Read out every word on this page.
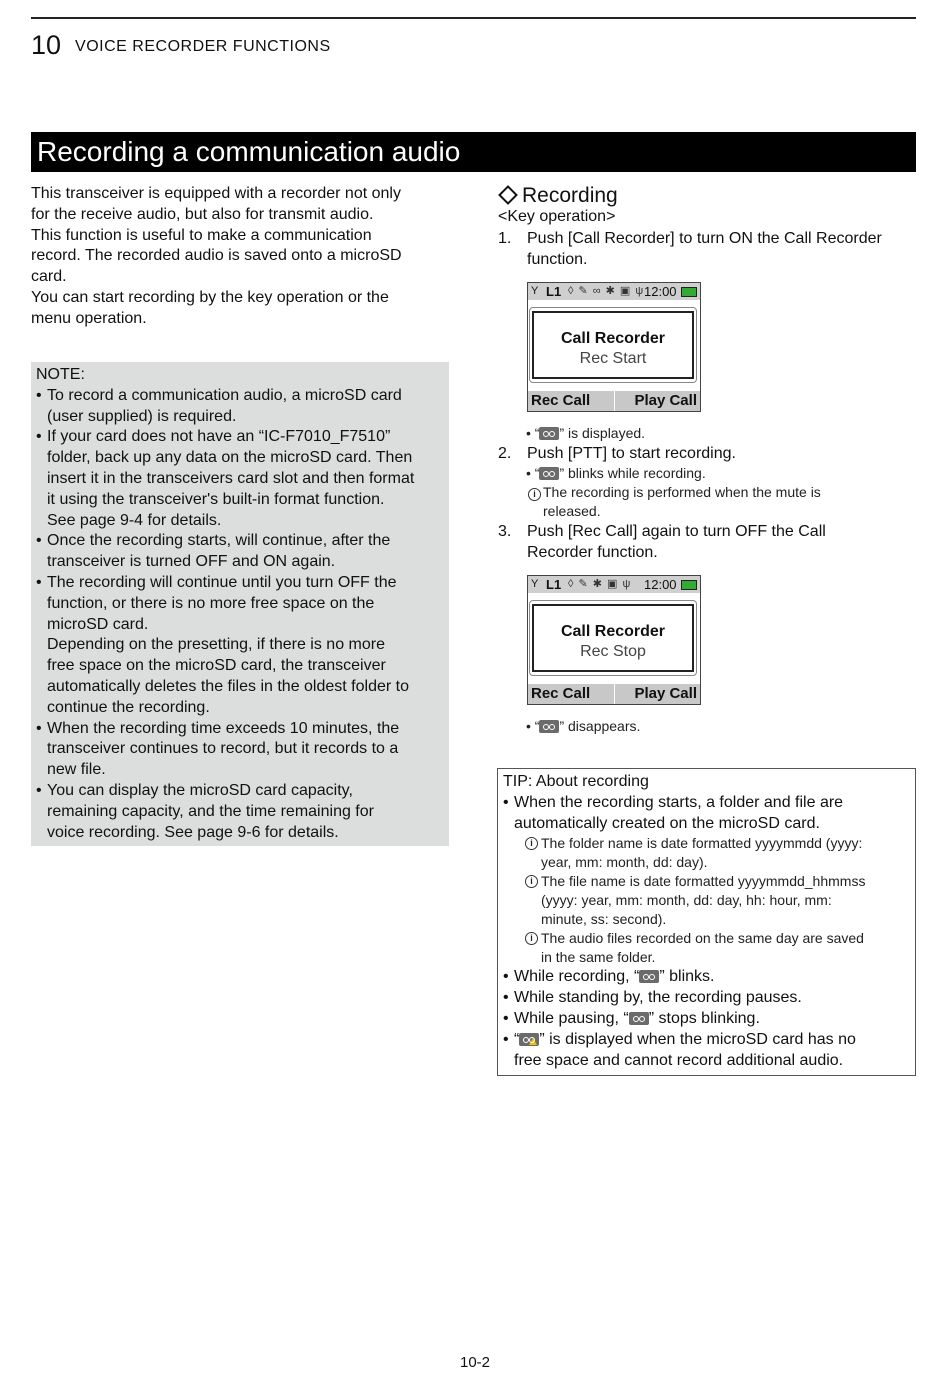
10 VOICE RECORDER FUNCTIONS
Recording a communication audio

This transceiver is equipped with a recorder not only

for the receive audio, but also for transmit audio.

This function is useful to make a communication

record. The recorded audio is saved onto a microSD

card.

You can start recording by the key operation or the

menu operation.

NOTE:

• To record a communication audio, a microSD card

(user supplied) is required.

• If your card does not have an “IC-F7010_F7510”

folder, back up any data on the microSD card. Then

insert it in the transceivers card slot and then format

it using the transceiver's built-in format function.

See page 9-4 for details.

• Once the recording starts, will continue, after the

transceiver is turned OFF and ON again.

• The recording will continue until you turn OFF the

function, or there is no more free space on the

microSD card.

Depending on the presetting, if there is no more

free space on the microSD card, the transceiver

automatically deletes the files in the oldest folder to

continue the recording.

• When the recording time exceeds 10 minutes, the

transceiver continues to record, but it records to a

new file.

• You can display the microSD card capacity,

remaining capacity, and the time remaining for

voice recording. See page 9-6 for details.

Recording
<Key operation>
1. Push [Call Recorder] to turn ON the Call Recorder
function.
• “ ” is displayed.
2. Push [PTT] to start recording.
• “ ” blinks while recording.
i The recording is performed when the mute is
released.
3. Push [Rec Call] again to turn OFF the Call
Recorder function.
• “ ” disappears.
Y L1 ◊ ✎ ∞ ✱ ▣ ψ 12:00
Call Recorder
Rec Start
Rec Call	Play Call
Y L1 ◊ ✎ ✱ ▣ ψ 12:00
Call Recorder
Rec Stop
Rec Call	Play Call

TIP: About recording

• When the recording starts, a folder and file are
automatically created on the microSD card.
i The folder name is date formatted yyyymmdd (yyyy:
year, mm: month, dd: day).
i The file name is date formatted yyyymmdd_hhmmss
(yyyy: year, mm: month, dd: day, hh: hour, mm:
minute, ss: second).
i The audio files recorded on the same day are saved
in the same folder.
• While recording, “ ” blinks.
• While standing by, the recording pauses.
• While pausing, “ ” stops blinking.
• “ ” is displayed when the microSD card has no
free space and cannot record additional audio.
10-2
